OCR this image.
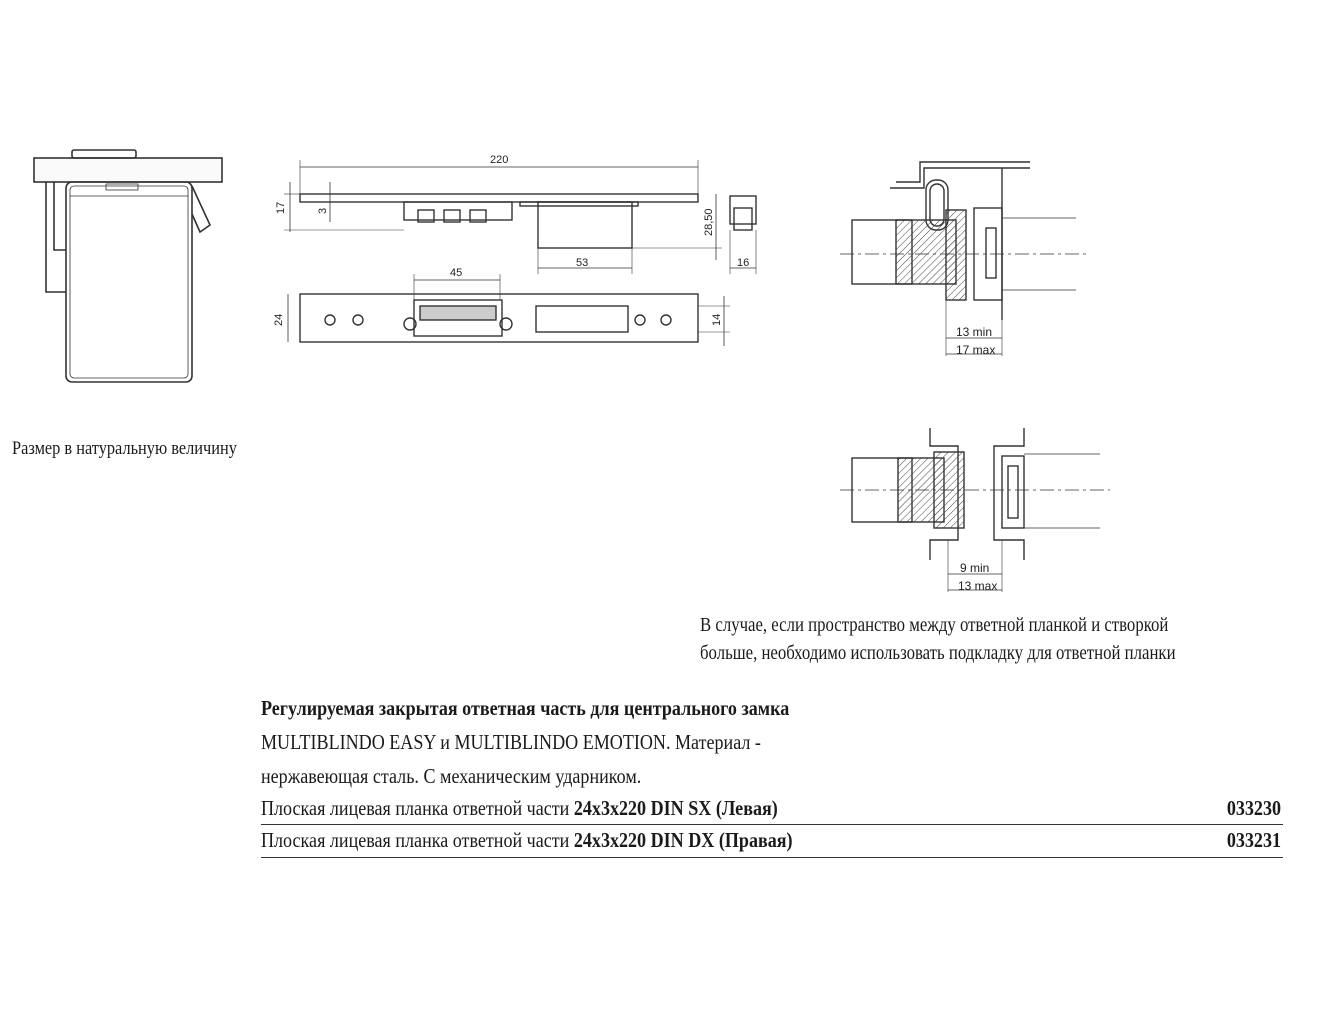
220
17	3	28,50
53	16
45
24	14
13 min
17 max
9 min
13 max
Размер в натуральную величину
В случае, если пространство между ответной планкой и створкой
больше, необходимо использовать подкладку для ответной планки
Регулируемая закрытая ответная часть для центрального замка
MULTIBLINDO EASY и MULTIBLINDO EMOTION. Материал -
нержавеющая сталь. С механическим ударником.
Плоская лицевая планка ответной части 24x3x220 DIN SX (Левая)	033230
Плоская лицевая планка ответной части 24x3x220 DIN DX (Правая)	033231
